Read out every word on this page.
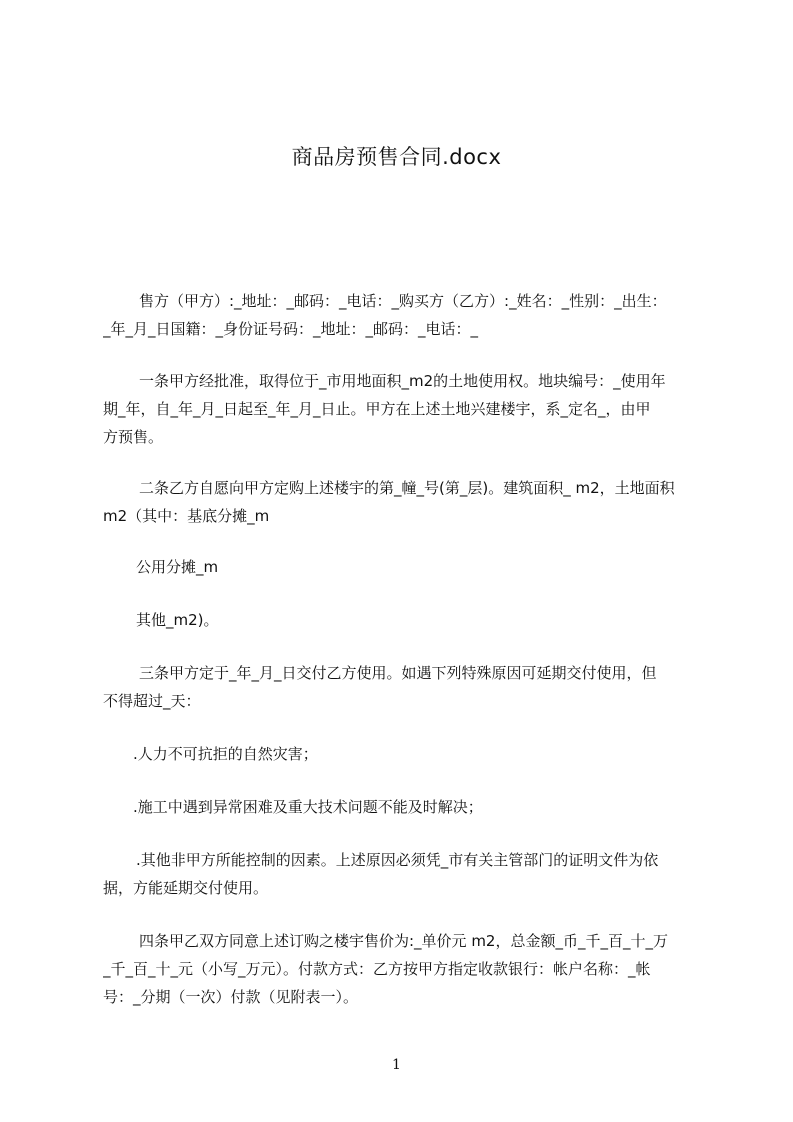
商品房预售合同.docx
售方（甲方）:_地址：_邮码：_电话：_购买方（乙方）:_姓名：_性别：_出生：
_年_月_日国籍：_身份证号码：_地址：_邮码：_电话：_
一条甲方经批准，取得位于_市用地面积_m2的土地使用权。地块编号：_使用年
期_年，自_年_月_日起至_年_月_日止。甲方在上述土地兴建楼宇，系_定名_，由甲
方预售。
二条乙方自愿向甲方定购上述楼宇的第_幢_号(第_层)。建筑面积_ m2，土地面积
m2（其中：基底分摊_m
公用分摊_m
其他_m2)。
三条甲方定于_年_月_日交付乙方使用。如遇下列特殊原因可延期交付使用，但
不得超过_天：
.人力不可抗拒的自然灾害；
.施工中遇到异常困难及重大技术问题不能及时解决；
.其他非甲方所能控制的因素。上述原因必须凭_市有关主管部门的证明文件为依
据，方能延期交付使用。
四条甲乙双方同意上述订购之楼宇售价为:_单价元 m2，总金额_币_千_百_十_万
_千_百_十_元（小写_万元）。付款方式：乙方按甲方指定收款银行：帐户名称：_帐
号：_分期（一次）付款（见附表一）。
1
